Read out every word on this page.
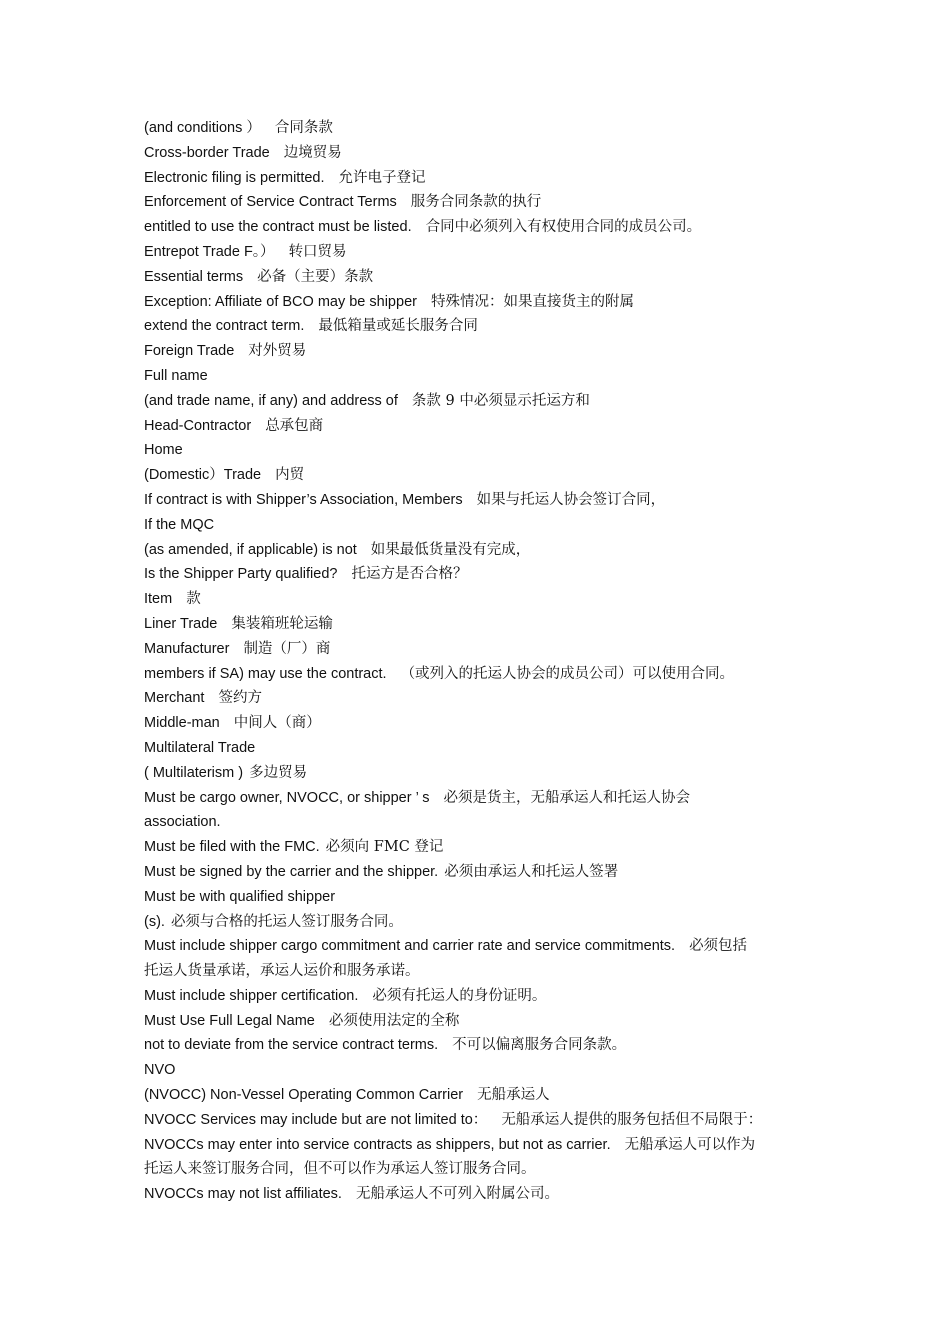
(and conditions ） 合同条款
Cross-border Trade 边境贸易
Electronic filing is permitted. 允许电子登记
Enforcement of Service Contract Terms 服务合同条款的执行
entitled to use the contract must be listed. 合同中必须列入有权使用合同的成员公司。
Entrepot Trade F。） 转口贸易
Essential terms 必备（主要）条款
Exception: Affiliate of BCO may be shipper 特殊情况：如果直接货主的附属
extend the contract term. 最低箱量或延长服务合同
Foreign Trade 对外贸易
Full name
(and trade name, if any) and address of 条款 9 中必须显示托运方和
Head-Contractor 总承包商
Home
(Domestic）Trade 内贸
If contract is with Shipper’s Association, Members 如果与托运人协会签订合同，
If the MQC
(as amended, if applicable) is not 如果最低货量没有完成，
Is the Shipper Party qualified? 托运方是否合格？
Item 款
Liner Trade 集装箱班轮运输
Manufacturer 制造（厂）商
members if SA) may use the contract. （或列入的托运人协会的成员公司）可以使用合同。
Merchant 签约方
Middle-man 中间人（商）
Multilateral Trade
( Multilaterism ) 多边贸易
Must be cargo owner, NVOCC, or shipper ’ s 必须是货主，无船承运人和托运人协会
association.
Must be filed with the FMC. 必须向 FMC 登记
Must be signed by the carrier and the shipper. 必须由承运人和托运人签署
Must be with qualified shipper
(s). 必须与合格的托运人签订服务合同。
Must include shipper cargo commitment and carrier rate and service commitments. 必须包括
托运人货量承诺，承运人运价和服务承诺。
Must include shipper certification. 必须有托运人的身份证明。
Must Use Full Legal Name 必须使用法定的全称
not to deviate from the service contract terms. 不可以偏离服务合同条款。
NVO
(NVOCC) Non-Vessel Operating Common Carrier 无船承运人
NVOCC Services may include but are not limited to： 无船承运人提供的服务包括但不局限于：
NVOCCs may enter into service contracts as shippers, but not as carrier. 无船承运人可以作为
托运人来签订服务合同，但不可以作为承运人签订服务合同。
NVOCCs may not list affiliates. 无船承运人不可列入附属公司。
